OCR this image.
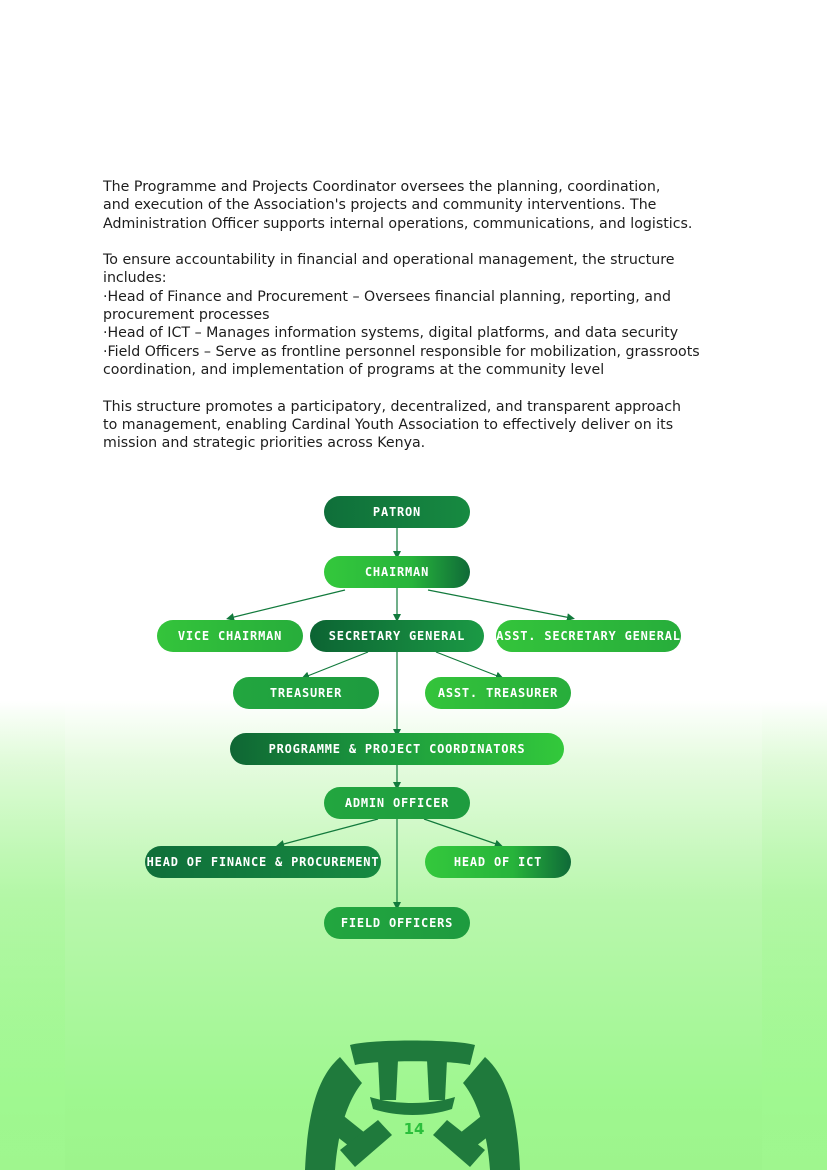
The Programme and Projects Coordinator oversees the planning, coordination,
and execution of the Association's projects and community interventions. The
Administration Officer supports internal operations, communications, and logistics.

To ensure accountability in financial and operational management, the structure
includes:
·Head of Finance and Procurement – Oversees financial planning, reporting, and
procurement processes
·Head of ICT – Manages information systems, digital platforms, and data security
·Field Officers – Serve as frontline personnel responsible for mobilization, grassroots
coordination, and implementation of programs at the community level

This structure promotes a participatory, decentralized, and transparent approach
to management, enabling Cardinal Youth Association to effectively deliver on its
mission and strategic priorities across Kenya.

PATRON
CHAIRMAN
VICE CHAIRMAN	SECRETARY GENERAL	ASST. SECRETARY GENERAL
TREASURER	ASST. TREASURER
PROGRAMME & PROJECT COORDINATORS
ADMIN OFFICER
HEAD OF FINANCE & PROCUREMENT	HEAD OF ICT
FIELD OFFICERS
14
